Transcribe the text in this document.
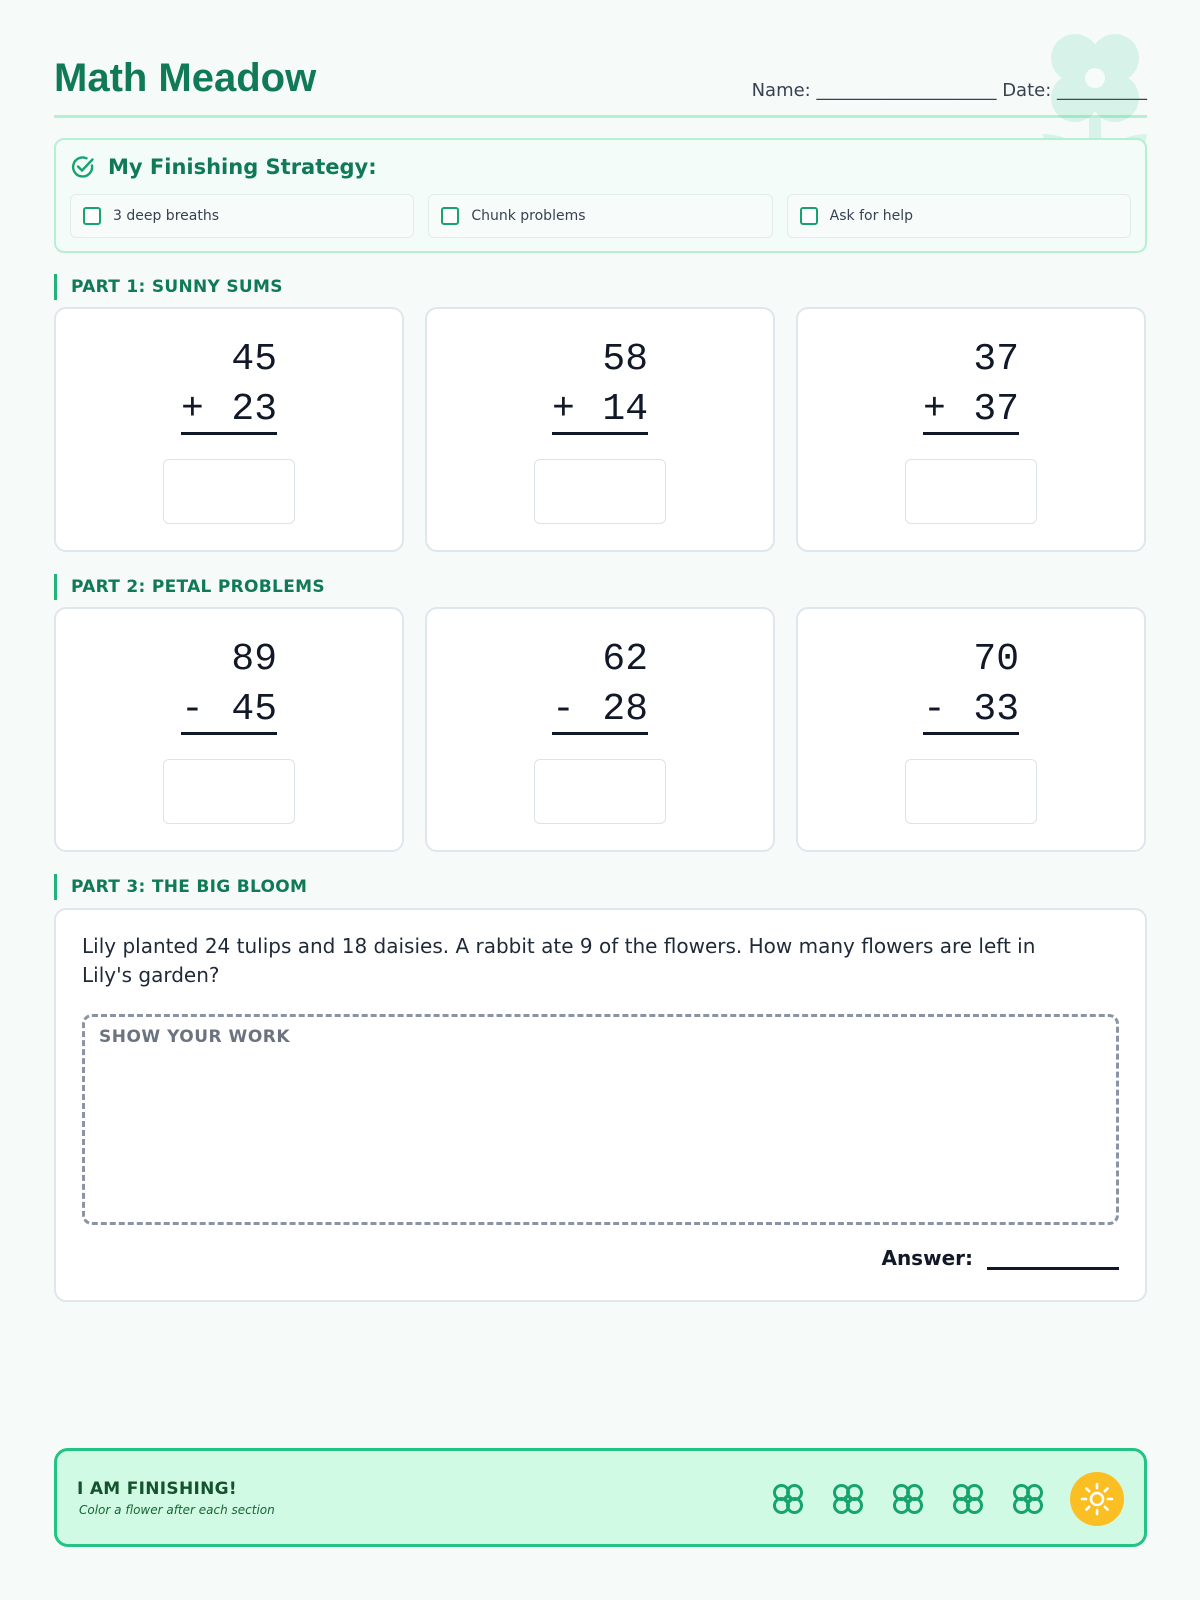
Math Meadow	Name: ____________________ Date: __________
My Finishing Strategy:
3 deep breaths	Chunk problems	Ask for help
PART 1: SUNNY SUMS
45
+ 23
58
+ 14
37
+ 37
PART 2: PETAL PROBLEMS
89
- 45
62
- 28
70
- 33
PART 3: THE BIG BLOOM
Lily planted 24 tulips and 18 daisies. A rabbit ate 9 of the flowers. How many flowers are left in Lily's garden?
SHOW YOUR WORK
Answer:
I AM FINISHING!
Color a flower after each section
